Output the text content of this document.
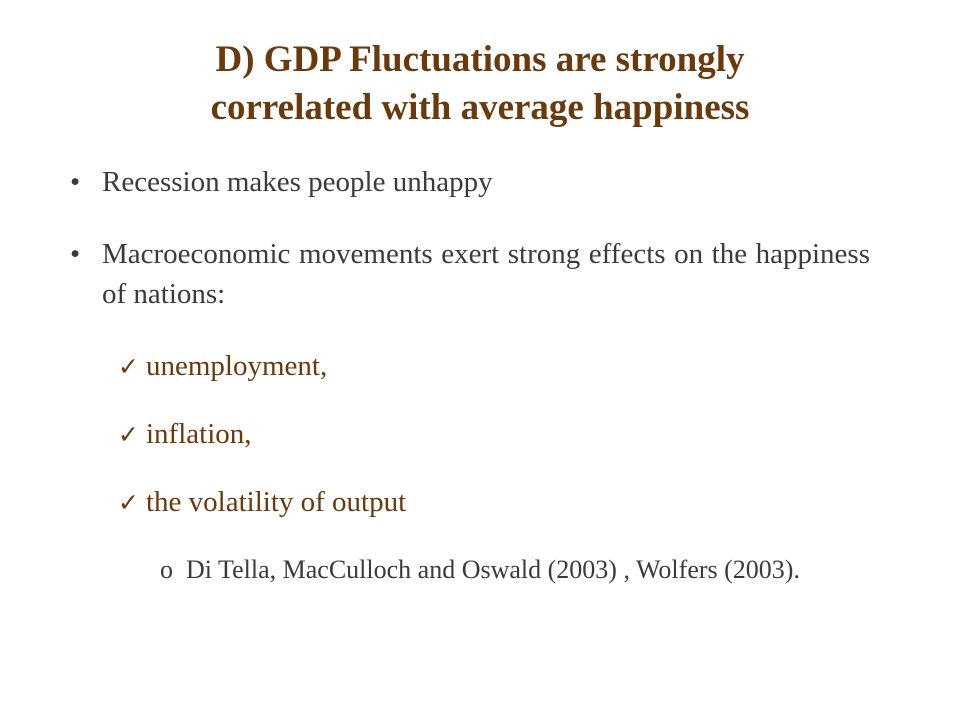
D) GDP Fluctuations are strongly
correlated with average happiness
• Recession makes people unhappy
• Macroeconomic movements exert strong effects on the happiness of nations:
✓ unemployment,
✓ inflation,
✓ the volatility of output
o Di Tella, MacCulloch and Oswald (2003) , Wolfers (2003).
